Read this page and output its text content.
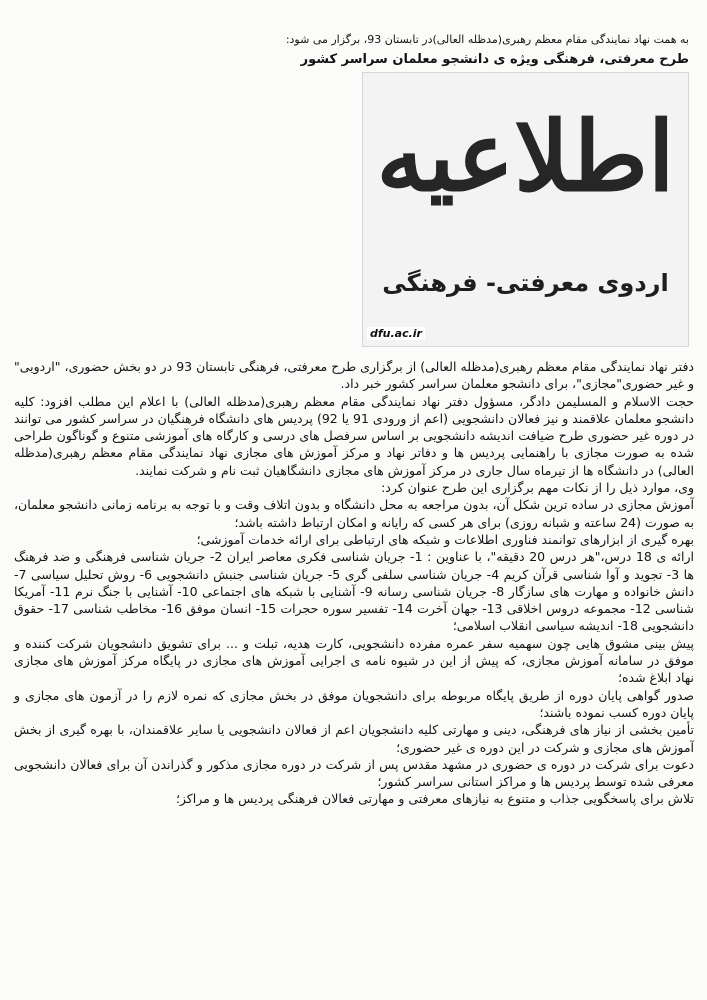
به همت نهاد نمایندگی مقام معظم رهبری(مدظله العالی)در تابستان 93، برگزار می شود:
طرح معرفتی، فرهنگی ویژه ی دانشجو معلمان سراسر کشور
اطلاعیه
اردوی معرفتی- فرهنگی
dfu.ac.ir

دفتر نهاد نمایندگی مقام معظم رهبری(مدظله العالی) از برگزاری طرح معرفتی، فرهنگی تابستان 93 در دو بخش حضوری، "اردویی" و غیر حضوری"مجازی"، برای دانشجو معلمان سراسر کشور خبر داد.

حجت الاسلام و المسلیمن دادگر، مسؤول دفتر نهاد نمایندگی مقام معظم رهبری(مدظله العالی) با اعلام این مطلب افزود: کلیه دانشجو معلمان علاقمند و نیز فعالان دانشجویی (اعم از ورودی 91 یا 92) پردیس های دانشگاه فرهنگیان در سراسر کشور می توانند در دوره غیر حضوری طرح ضیافت اندیشه دانشجویی بر اساس سرفصل های درسی و کارگاه های آموزشی متنوع و گوناگون طراحی شده به صورت مجازی با راهنمایی پردیس ها و دفاتر نهاد و مرکز آموزش های مجازی نهاد نمایندگی مقام معظم رهبری(مدظله العالی) در دانشگاه ها از تیرماه سال جاری در مرکز آموزش های مجازی دانشگاهیان ثبت نام و شرکت نمایند.

وی، موارد ذیل را از نکات مهم برگزاری این طرح عنوان کرد:

آموزش مجازی در ساده ترین شکل آن، بدون مراجعه به محل دانشگاه و بدون اتلاف وقت و با توجه به برنامه زمانی دانشجو معلمان، به صورت (24 ساعته و شبانه روزی) برای هر کسی که رایانه و امکان ارتباط داشته باشد؛

بهره گیری از ابزارهای توانمند فناوری اطلاعات و شبکه های ارتباطی برای ارائه خدمات آموزشی؛

ارائه ی 18 درس،"هر درس 20 دقیقه"، با عناوین : 1- جریان شناسی فکری معاصر ایران 2- جریان شناسی فرهنگی و ضد فرهنگ ها 3- تجوید و آوا شناسی قرآن کریم 4- جریان شناسی سلفی گری 5- جریان شناسی جنبش دانشجویی 6- روش تحلیل سیاسی 7- دانش خانواده و مهارت های سازگار 8- جریان شناسی رسانه 9- آشنایی با شبکه های اجتماعی 10- آشنایی با جنگ نرم 11- آمریکا شناسی 12- مجموعه دروس اخلاقی 13- جهان آخرت 14- تفسیر سوره حجرات 15- انسان موفق 16- مخاطب شناسی 17- حقوق دانشجویی 18- اندیشه سیاسی انقلاب اسلامی؛

پیش بینی مشوق هایی چون سهمیه سفر عمره مفرده دانشجویی، کارت هدیه، تبلت و ... برای تشویق دانشجویان شرکت کننده و موفق در سامانه آموزش مجازی، که پیش از این در شیوه نامه ی اجرایی آموزش های مجازی در پایگاه مرکز آموزش های مجازی نهاد ابلاغ شده؛

صدور گواهی پایان دوره از طریق پایگاه مربوطه برای دانشجویان موفق در بخش مجازی که نمره لازم را در آزمون های مجازی و پایان دوره کسب نموده باشند؛

تأمین بخشی از نیاز های فرهنگی، دینی و مهارتی کلیه دانشجویان اعم از فعالان دانشجویی یا سایر علاقمندان، با بهره گیری از بخش آموزش های مجازی و شرکت در این دوره ی غیر حضوری؛

دعوت برای شرکت در دوره ی حضوری در مشهد مقدس پس از شرکت در دوره مجازی مذکور و گذراندن آن برای فعالان دانشجویی معرفی شده توسط پردیس ها و مراکز استانی سراسر کشور؛

تلاش برای پاسخگویی جذاب و متنوع به نیازهای معرفتی و مهارتی فعالان فرهنگی پردیس ها و مراکز؛
